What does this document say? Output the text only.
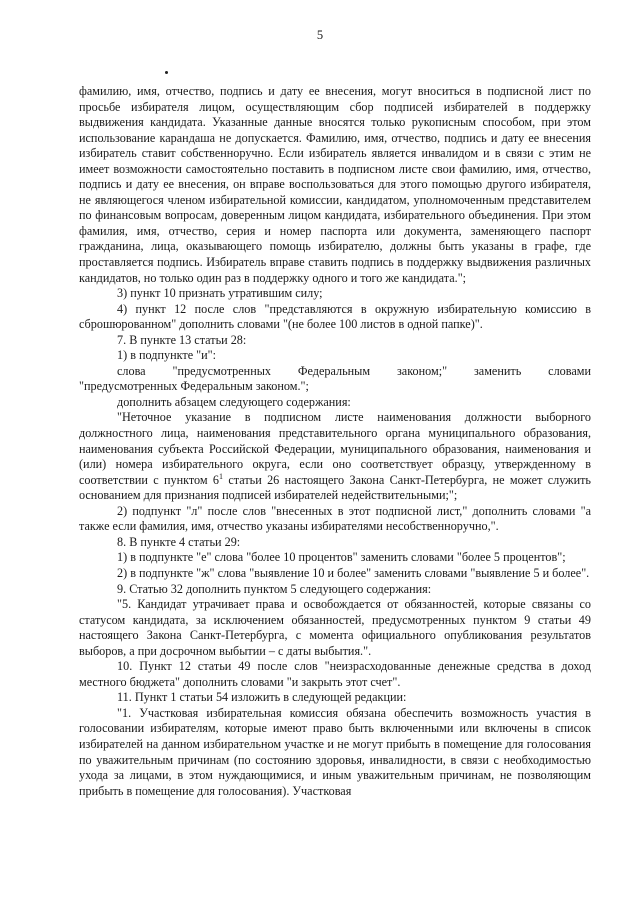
5

фамилию, имя, отчество, подпись и дату ее внесения, могут вноситься в подписной лист по просьбе избирателя лицом, осуществляющим сбор подписей избирателей в поддержку выдвижения кандидата. Указанные данные вносятся только рукописным способом, при этом использование карандаша не допускается. Фамилию, имя, отчество, подпись и дату ее внесения избиратель ставит собственноручно. Если избиратель является инвалидом и в связи с этим не имеет возможности самостоятельно поставить в подписном листе свои фамилию, имя, отчество, подпись и дату ее внесения, он вправе воспользоваться для этого помощью другого избирателя, не являющегося членом избирательной комиссии, кандидатом, уполномоченным представителем по финансовым вопросам, доверенным лицом кандидата, избирательного объединения. При этом фамилия, имя, отчество, серия и номер паспорта или документа, заменяющего паспорт гражданина, лица, оказывающего помощь избирателю, должны быть указаны в графе, где проставляется подпись. Избиратель вправе ставить подпись в поддержку выдвижения различных кандидатов, но только один раз в поддержку одного и того же кандидата.";

3) пункт 10 признать утратившим силу;

4) пункт 12 после слов "представляются в окружную избирательную комиссию в сброшюрованном" дополнить словами "(не более 100 листов в одной папке)".

7. В пункте 13 статьи 28:

1) в подпункте "и":

слова "предусмотренных Федеральным законом;" заменить словами

"предусмотренных Федеральным законом.";

дополнить абзацем следующего содержания:

"Неточное указание в подписном листе наименования должности выборного должностного лица, наименования представительного органа муниципального образования, наименования субъекта Российской Федерации, муниципального образования, наименования и (или) номера избирательного округа, если оно соответствует образцу, утвержденному в соответствии с пунктом $6^1$ статьи 26 настоящего Закона Санкт-Петербурга, не может служить основанием для признания подписей избирателей недействительными;";

2) подпункт "л" после слов "внесенных в этот подписной лист," дополнить словами "а также если фамилия, имя, отчество указаны избирателями несобственноручно,".

8. В пункте 4 статьи 29:

1) в подпункте "е" слова "более 10 процентов" заменить словами "более 5 процентов";

2) в подпункте "ж" слова "выявление 10 и более" заменить словами "выявление 5 и более".

9. Статью 32 дополнить пунктом 5 следующего содержания:

"5. Кандидат утрачивает права и освобождается от обязанностей, которые связаны со статусом кандидата, за исключением обязанностей, предусмотренных пунктом 9 статьи 49 настоящего Закона Санкт-Петербурга, с момента официального опубликования результатов выборов, а при досрочном выбытии – с даты выбытия.".

10. Пункт 12 статьи 49 после слов "неизрасходованные денежные средства в доход местного бюджета" дополнить словами "и закрыть этот счет".

11. Пункт 1 статьи 54 изложить в следующей редакции:

"1. Участковая избирательная комиссия обязана обеспечить возможность участия в голосовании избирателям, которые имеют право быть включенными или включены в список избирателей на данном избирательном участке и не могут прибыть в помещение для голосования по уважительным причинам (по состоянию здоровья, инвалидности, в связи с необходимостью ухода за лицами, в этом нуждающимися, и иным уважительным причинам, не позволяющим прибыть в помещение для голосования). Участковая
